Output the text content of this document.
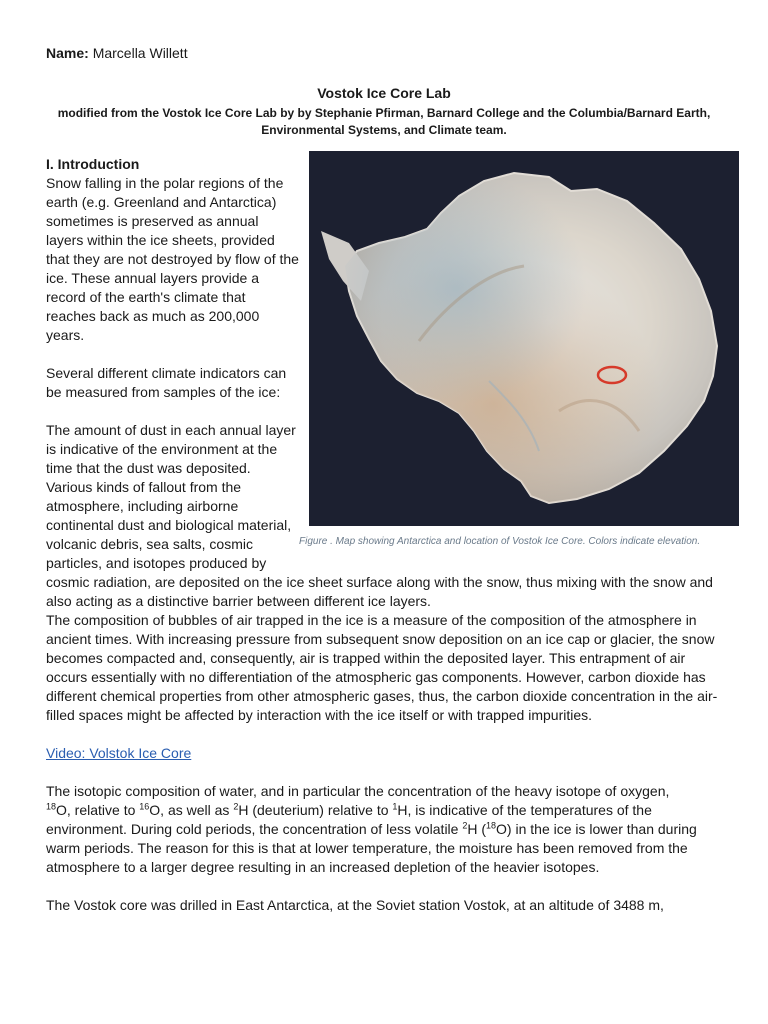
Name: Marcella Willett

Vostok Ice Core Lab
modified from the Vostok Ice Core Lab by by Stephanie Pfirman, Barnard College and the Columbia/Barnard Earth, Environmental Systems, and Climate team.
Figure . Map showing Antarctica and location of Vostok Ice Core. Colors indicate elevation.
I. Introduction

Snow falling in the polar regions of the earth (e.g. Greenland and Antarctica) sometimes is preserved as annual layers within the ice sheets, provided that they are not destroyed by flow of the ice. These annual layers provide a record of the earth's climate that reaches back as much as 200,000 years.

Several different climate indicators can be measured from samples of the ice:

The amount of dust in each annual layer is indicative of the environment at the time that the dust was deposited. Various kinds of fallout from the atmosphere, including airborne continental dust and biological material, volcanic debris, sea salts, cosmic particles, and isotopes produced by cosmic radiation, are deposited on the ice sheet surface along with the snow, thus mixing with the snow and also acting as a distinctive barrier between different ice layers.

The composition of bubbles of air trapped in the ice is a measure of the composition of the atmosphere in ancient times. With increasing pressure from subsequent snow deposition on an ice cap or glacier, the snow becomes compacted and, consequently, air is trapped within the deposited layer. This entrapment of air occurs essentially with no differentiation of the atmospheric gas components. However, carbon dioxide has different chemical properties from other atmospheric gases, thus, the carbon dioxide concentration in the air-filled spaces might be affected by interaction with the ice itself or with trapped impurities.

Video: Volstok Ice Core

The isotopic composition of water, and in particular the concentration of the heavy isotope of oxygen,
$^{18}$O, relative to $^{16}$O, as well as $^2$H (deuterium) relative to $^1$H, is indicative of the temperatures of the environment. During cold periods, the concentration of less volatile $^2$H ($^{18}$O) in the ice is lower than during warm periods. The reason for this is that at lower temperature, the moisture has been removed from the atmosphere to a larger degree resulting in an increased depletion of the heavier isotopes.

The Vostok core was drilled in East Antarctica, at the Soviet station Vostok, at an altitude of 3488 m,
